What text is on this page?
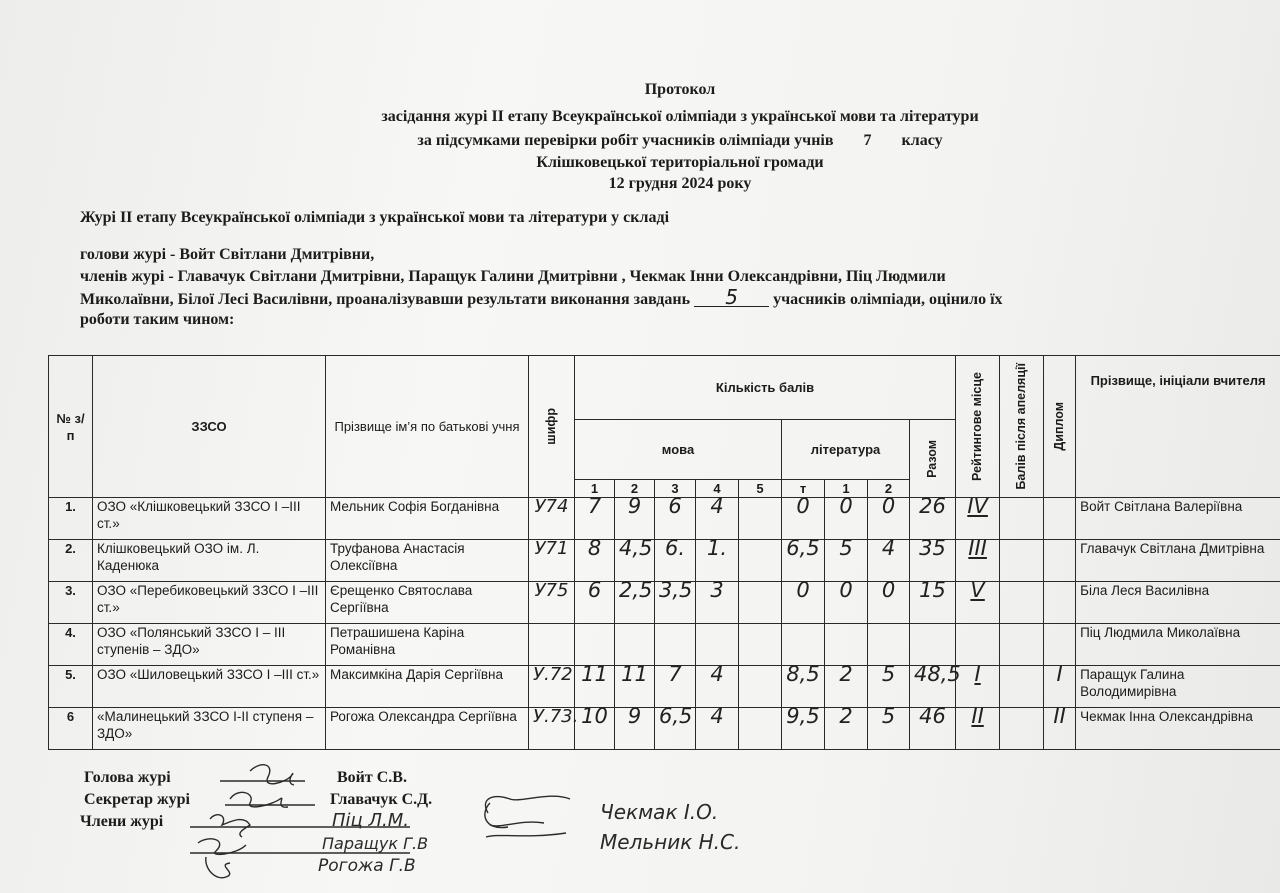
Протокол
засідання журі ІІ етапу Всеукраїнської олімпіади з української мови та літератури
за підсумками перевірки робіт учасників олімпіади учнів 7 класу
Клішковецької територіальної громади
12 грудня 2024 року
Журі ІІ етапу Всеукраїнської олімпіади з української мови та літератури у складі
голови журі - Войт Світлани Дмитрівни,
членів журі - Главачук Світлани Дмитрівни, Паращук Галини Дмитрівни , Чекмак Інни Олександрівни, Піц Людмили
Миколаївни, Білої Лесі Василівни, проаналізувавши результати виконання завдань 5 учасників олімпіади, оцінило їх
роботи таким чином:
№ з/п	ЗЗСО	Прізвище ім’я по батькові учня	шифр	Кількість балів									Рейтингове місце	Балів після апеляції	Диплом	Прізвище, ініціали вчителя
				мова					література			Разом				

				1	2	3	4	5	т	1	2					
1.	ОЗО «Клішковецький ЗЗСО І –ІІІ ст.»	Мельник Софія Богданівна	У74	7	9	6	4		0	0	0	26	IV			Войт Світлана Валеріївна
2.	Клішковецький ОЗО ім. Л. Каденюка	Труфанова Анастасія Олексіївна	У71	8	4,5	6.	1.		6,5	5	4	35	III			Главачук Світлана Дмитрівна
3.	ОЗО «Перебиковецький ЗЗСО І –ІІІ ст.»	Єрещенко Святослава Сергіївна	У75	6	2,5	3,5	3		0	0	0	15	V			Біла Леся Василівна
4.	ОЗО «Полянський ЗЗСО І – ІІІ ступенів – ЗДО»	Петрашишена Каріна Романівна														Піц Людмила Миколаївна
5.	ОЗО «Шиловецький ЗЗСО І –ІІІ ст.»	Максимкіна Дарія Сергіївна	У.72	11	11	7	4		8,5	2	5	48,5	I		I	Паращук Галина Володимирівна
6	«Малинецький ЗЗСО І-ІІ ступеня – ЗДО»	Рогожа Олександра Сергіївна	У.73.	10	9	6,5	4		9,5	2	5	46	II		II	Чекмак Інна Олександрівна
Голова журі	Войт С.В.
Секретар журі	Главачук С.Д.
Члени журі	Піц Л.М.	Чекмак І.О.
Паращук Г.В	Мельник Н.С.
Рогожа Г.В
